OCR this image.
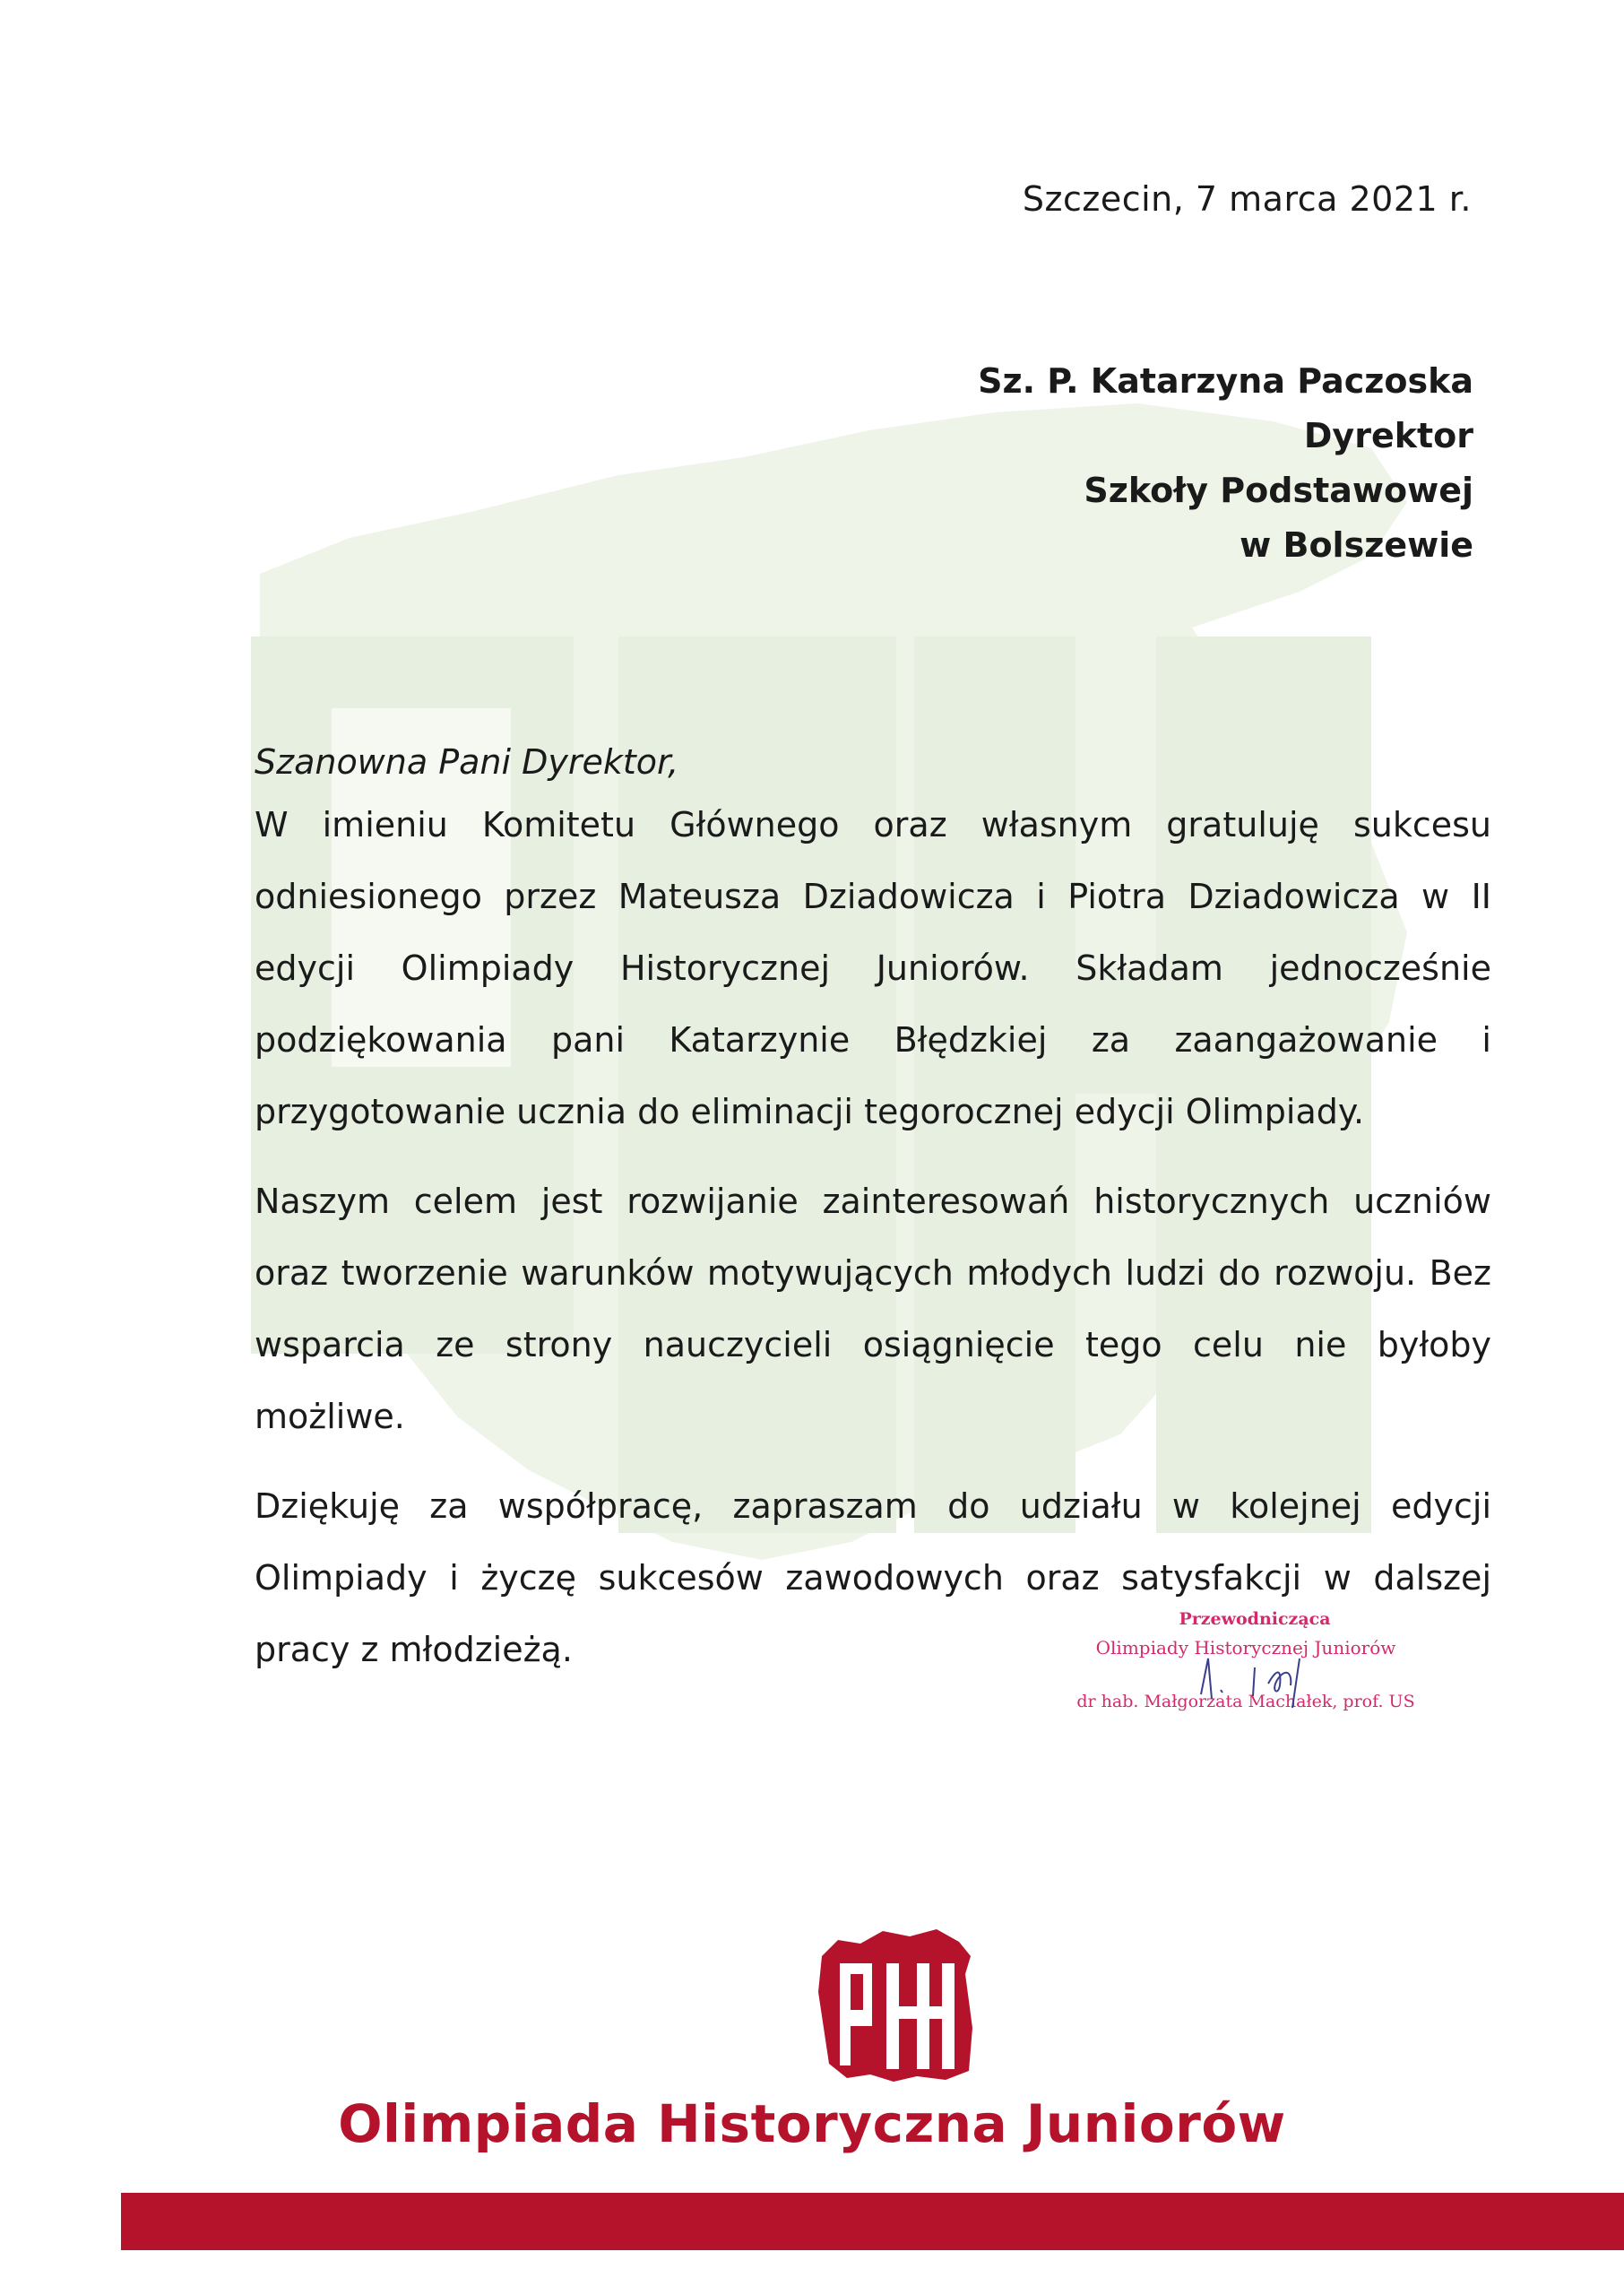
Szczecin, 7 marca 2021 r.
Sz. P. Katarzyna Paczoska
Dyrektor
Szkoły Podstawowej
w Bolszewie
Szanowna Pani Dyrektor,

W imieniu Komitetu Głównego oraz własnym gratuluję sukcesu odniesionego przez Mateusza Dziadowicza i Piotra Dziadowicza w II edycji Olimpiady Historycznej Juniorów. Składam jednocześnie podziękowania pani Katarzynie Błędzkiej za zaangażowanie i przygotowanie ucznia do eliminacji tegorocznej edycji Olimpiady.

Naszym celem jest rozwijanie zainteresowań historycznych uczniów oraz tworzenie warunków motywujących młodych ludzi do rozwoju. Bez wsparcia ze strony nauczycieli osiągnięcie tego celu nie byłoby możliwe.

Dziękuję za współpracę, zapraszam do udziału w kolejnej edycji Olimpiady i życzę sukcesów zawodowych oraz satysfakcji w dalszej pracy z młodzieżą.

Przewodnicząca
Olimpiady Historycznej Juniorów
dr hab. Małgorzata Machałek, prof. US
Olimpiada Historyczna Juniorów
